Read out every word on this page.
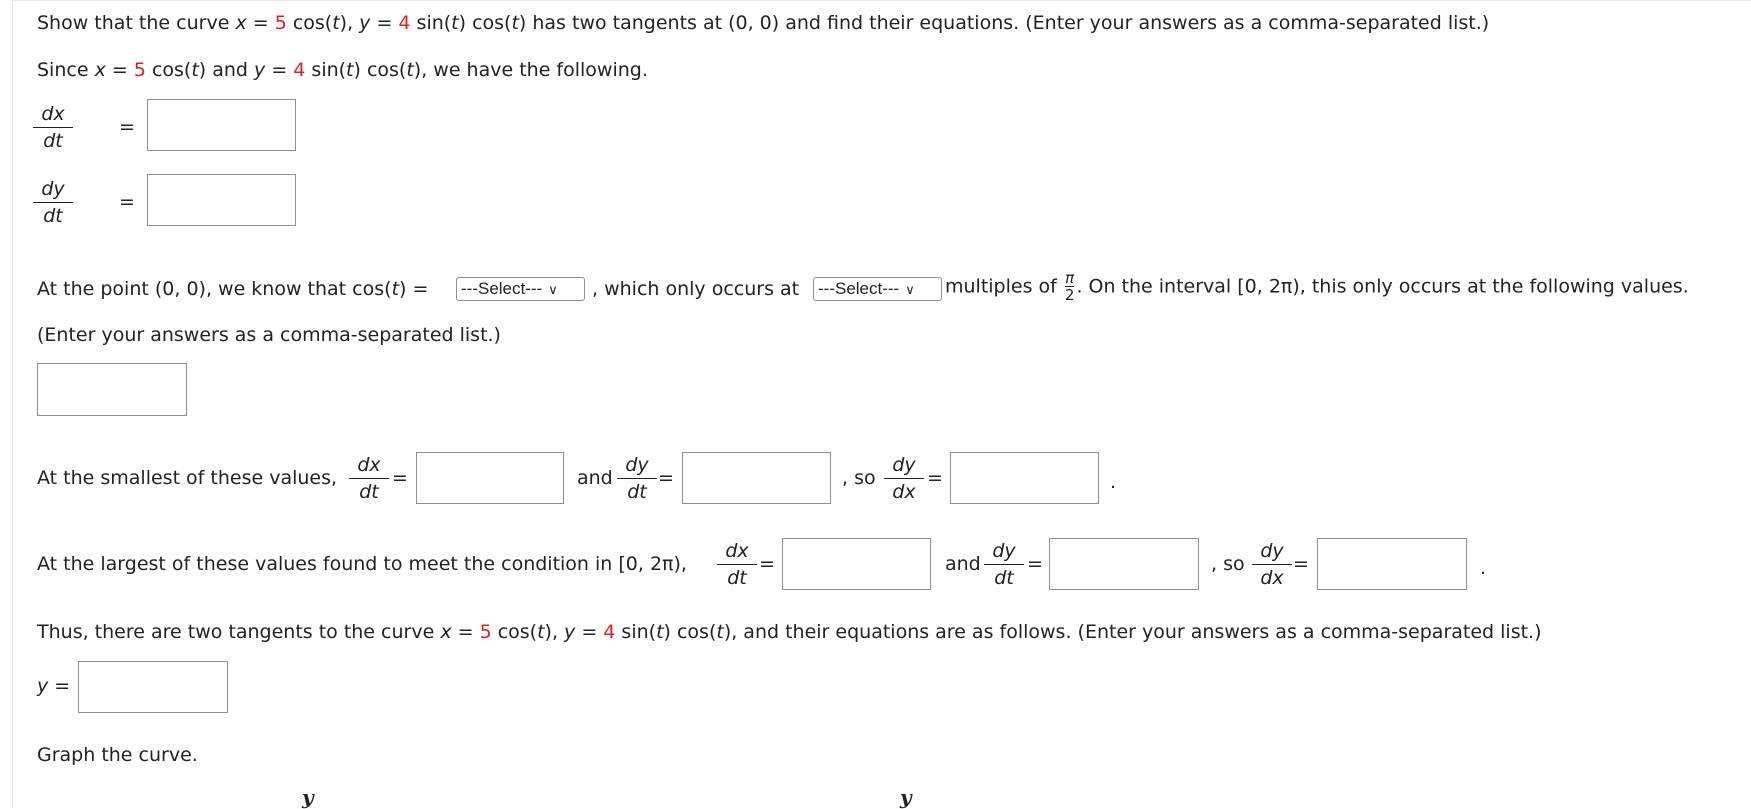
Show that the curve x = 5 cos(t), y = 4 sin(t) cos(t) has two tangents at (0, 0) and find their equations. (Enter your answers as a comma-separated list.)
Since x = 5 cos(t) and y = 4 sin(t) cos(t), we have the following.
$\frac{dx}{dt}$ =
$\frac{dy}{dt}$ =
At the point (0, 0), we know that cos(t) = ---Select--- ∨	, which only occurs at ---Select--- ∨	multiples of $\frac{\pi}{2}$ . On the interval [0, 2π), this only occurs at the following values.
(Enter your answers as a comma-separated list.)
At the smallest of these values, $\frac{dx}{dt}$ =	and $\frac{dy}{dt}$ =	, so $\frac{dy}{dx}$ =	.
At the largest of these values found to meet the condition in [0, 2π), $\frac{dx}{dt}$ =	and $\frac{dy}{dt}$ =	, so $\frac{dy}{dx}$ =	.
Thus, there are two tangents to the curve x = 5 cos(t), y = 4 sin(t) cos(t), and their equations are as follows. (Enter your answers as a comma-separated list.)
y =
Graph the curve.
y	y
